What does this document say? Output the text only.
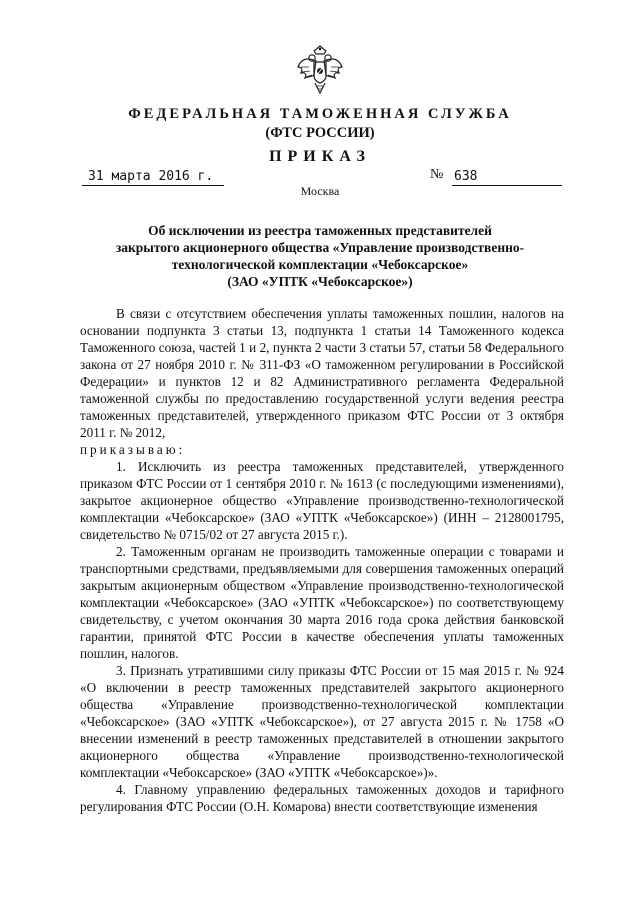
ФЕДЕРАЛЬНАЯ ТАМОЖЕННАЯ СЛУЖБА
(ФТС РОССИИ)
ПРИКАЗ
31 марта 2016 г.	№ 638
Москва
Об исключении из реестра таможенных представителей
закрытого акционерного общества «Управление производственно-
технологической комплектации «Чебоксарское»
(ЗАО «УПТК «Чебоксарское»)

В связи с отсутствием обеспечения уплаты таможенных пошлин, налогов на основании подпункта 3 статьи 13, подпункта 1 статьи 14 Таможенного кодекса Таможенного союза, частей 1 и 2, пункта 2 части 3 статьи 57, статьи 58 Федерального закона от 27 ноября 2010 г. № 311-ФЗ «О таможенном регулировании в Российской Федерации» и пунктов 12 и 82 Административного регламента Федеральной таможенной службы по предоставлению государственной услуги ведения реестра таможенных представителей, утвержденного приказом ФТС России от 3 октября 2011 г. № 2012,

приказываю:

1. Исключить из реестра таможенных представителей, утвержденного приказом ФТС России от 1 сентября 2010 г. № 1613 (с последующими изменениями), закрытое акционерное общество «Управление производственно-технологической комплектации «Чебоксарское» (ЗАО «УПТК «Чебоксарское») (ИНН – 2128001795, свидетельство № 0715/02 от 27 августа 2015 г.).

2. Таможенным органам не производить таможенные операции с товарами и транспортными средствами, предъявляемыми для совершения таможенных операций закрытым акционерным обществом «Управление производственно-технологической комплектации «Чебоксарское» (ЗАО «УПТК «Чебоксарское») по соответствующему свидетельству, с учетом окончания 30 марта 2016 года срока действия банковской гарантии, принятой ФТС России в качестве обеспечения уплаты таможенных пошлин, налогов.

3. Признать утратившими силу приказы ФТС России от 15 мая 2015 г. № 924 «О включении в реестр таможенных представителей закрытого акционерного общества «Управление производственно-технологической комплектации «Чебоксарское» (ЗАО «УПТК «Чебоксарское»), от 27 августа 2015 г. № 1758 «О внесении изменений в реестр таможенных представителей в отношении закрытого акционерного общества «Управление производственно-технологической комплектации «Чебоксарское» (ЗАО «УПТК «Чебоксарское»)».

4. Главному управлению федеральных таможенных доходов и тарифного регулирования ФТС России (О.Н. Комарова) внести соответствующие изменения
